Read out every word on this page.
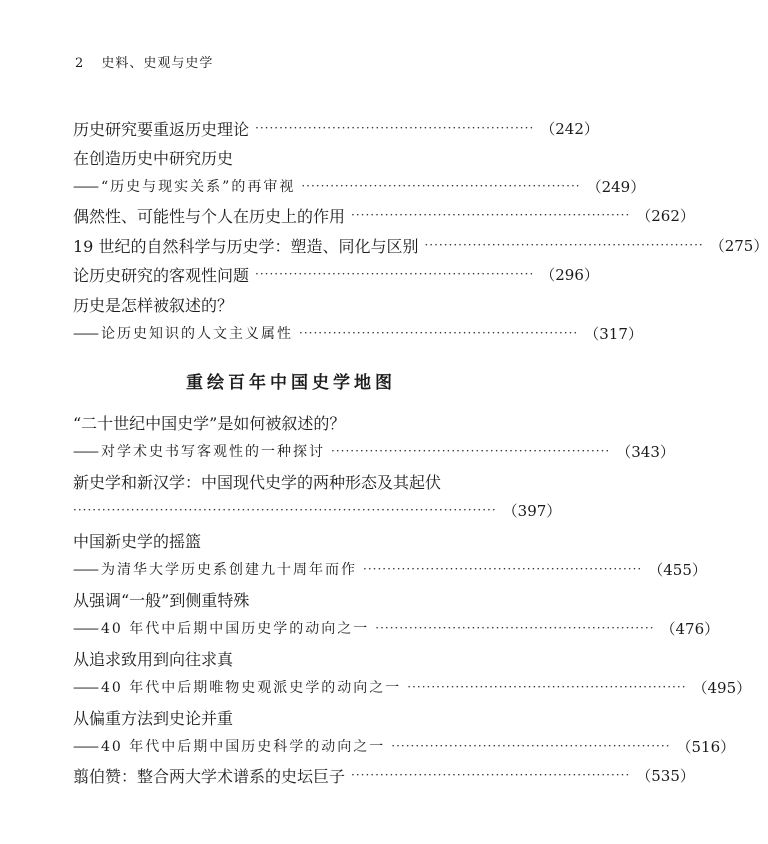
2 史料、史观与史学
历史研究要重返历史理论 ·························································· （242）
在创造历史中研究历史
—— “历史与现实关系”的再审视 ·························································· （249）
偶然性、可能性与个人在历史上的作用 ·························································· （262）
19 世纪的自然科学与历史学：塑造、同化与区别 ·························································· （275）
论历史研究的客观性问题 ·························································· （296）
历史是怎样被叙述的？
—— 论历史知识的人文主义属性 ·························································· （317）
重绘百年中国史学地图
“二十世纪中国史学”是如何被叙述的？
—— 对学术史书写客观性的一种探讨 ·························································· （343）
新史学和新汉学：中国现代史学的两种形态及其起伏
························································································ （397）
中国新史学的摇篮
—— 为清华大学历史系创建九十周年而作 ·························································· （455）
从强调“一般”到侧重特殊
—— 40 年代中后期中国历史学的动向之一 ·························································· （476）
从追求致用到向往求真
—— 40 年代中后期唯物史观派史学的动向之一 ·························································· （495）
从偏重方法到史论并重
—— 40 年代中后期中国历史科学的动向之一 ·························································· （516）
翦伯赞：整合两大学术谱系的史坛巨子 ·························································· （535）
